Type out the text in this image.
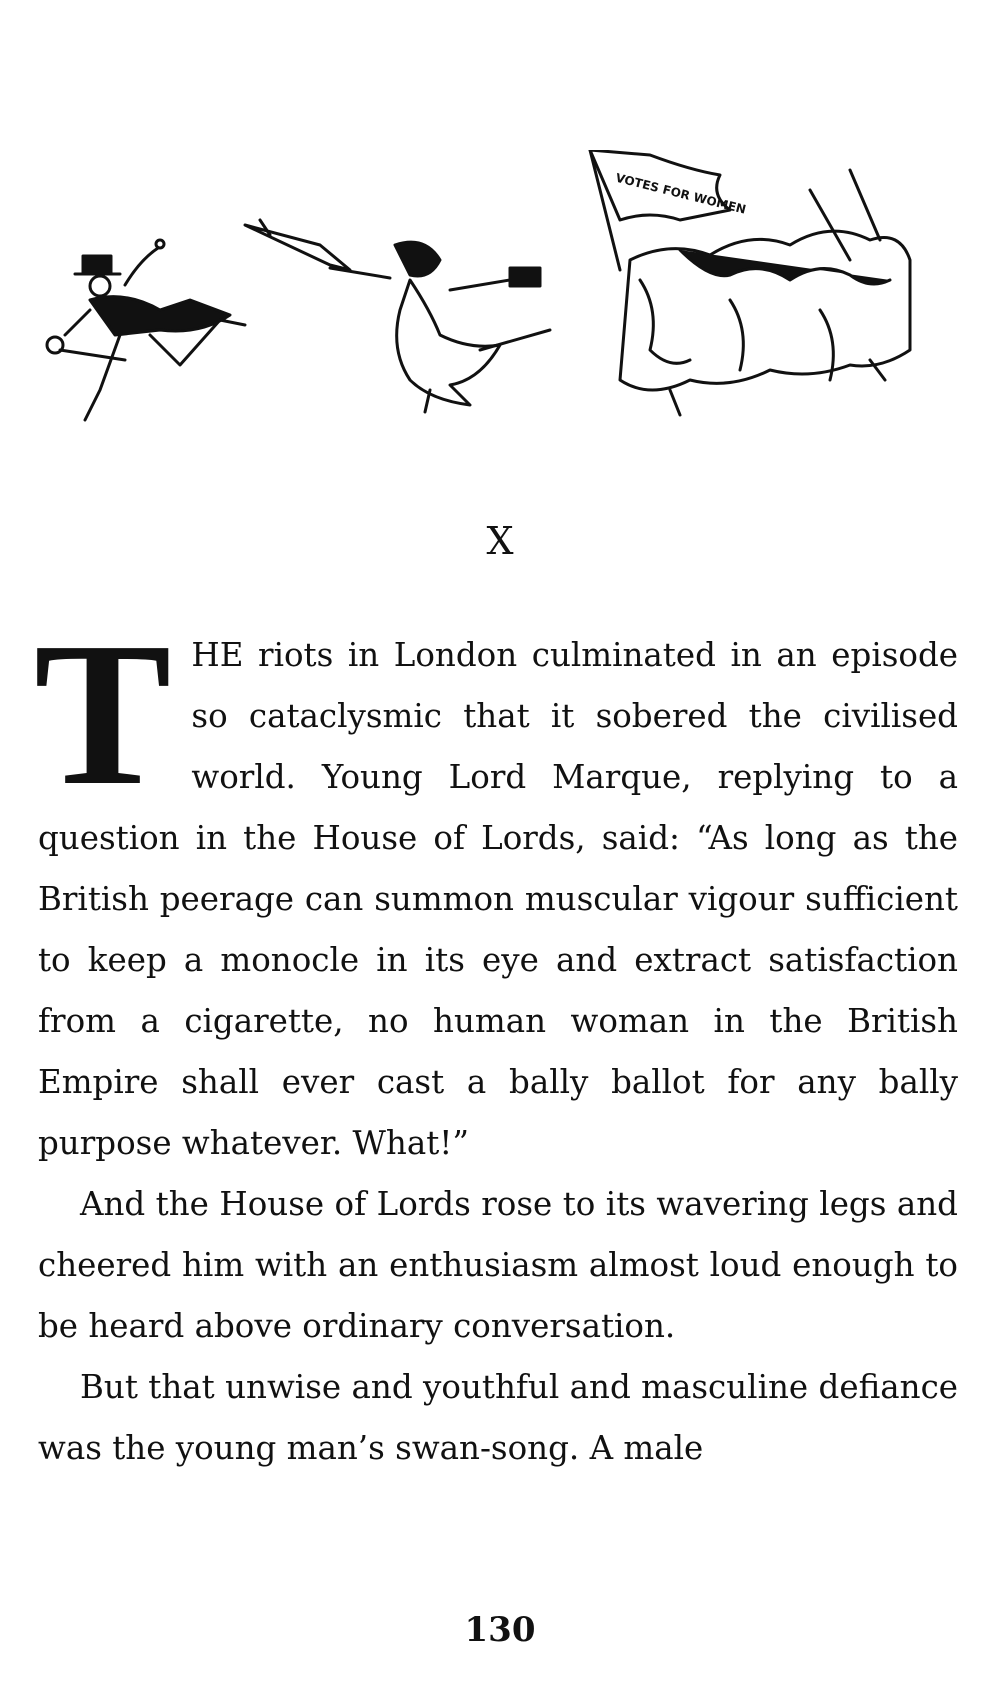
VOTES FOR WOMEN
X

T HE riots in London culminated in an episode so cataclysmic that it sobered the civilised world. Young Lord Marque, replying to a question in the House of Lords, said: “As long as the British peerage can summon muscular vigour sufficient to keep a monocle in its eye and extract satisfaction from a cigarette, no human woman in the British Empire shall ever cast a bally ballot for any bally purpose whatever. What!”

And the House of Lords rose to its wavering legs and cheered him with an enthusiasm almost loud enough to be heard above ordinary conversation.

But that unwise and youthful and masculine defiance was the young man’s swan-song. A male

130
